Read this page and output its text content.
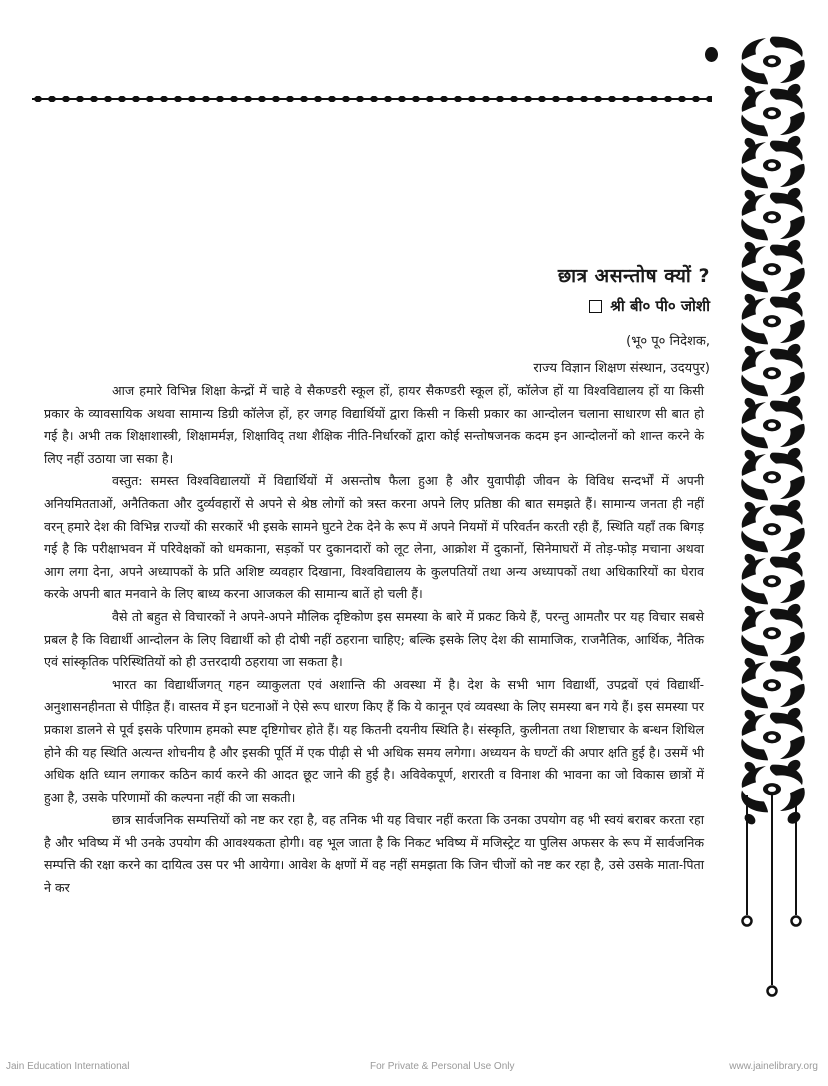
छात्र असन्तोष क्यों ?
श्री बी० पी० जोशी

(भू० पू० निदेशक,

राज्य विज्ञान शिक्षण संस्थान, उदयपुर)

आज हमारे विभिन्न शिक्षा केन्द्रों में चाहे वे सैकण्डरी स्कूल हों, हायर सैकण्डरी स्कूल हों, कॉलेज हों या विश्वविद्यालय हों या किसी प्रकार के व्यावसायिक अथवा सामान्य डिग्री कॉलेज हों, हर जगह विद्यार्थियों द्वारा किसी न किसी प्रकार का आन्दोलन चलाना साधारण सी बात हो गई है। अभी तक शिक्षाशास्त्री, शिक्षामर्मज्ञ, शिक्षाविद् तथा शैक्षिक नीति-निर्धारकों द्वारा कोई सन्तोषजनक कदम इन आन्दोलनों को शान्त करने के लिए नहीं उठाया जा सका है।

वस्तुत: समस्त विश्वविद्यालयों में विद्यार्थियों में असन्तोष फैला हुआ है और युवापीढ़ी जीवन के विविध सन्दर्भों में अपनी अनियमितताओं, अनैतिकता और दुर्व्यवहारों से अपने से श्रेष्ठ लोगों को त्रस्त करना अपने लिए प्रतिष्ठा की बात समझते हैं। सामान्य जनता ही नहीं वरन् हमारे देश की विभिन्न राज्यों की सरकारें भी इसके सामने घुटने टेक देने के रूप में अपने नियमों में परिवर्तन करती रही हैं, स्थिति यहाँ तक बिगड़ गई है कि परीक्षाभवन में परिवेक्षकों को धमकाना, सड़कों पर दुकानदारों को लूट लेना, आक्रोश में दुकानों, सिनेमाघरों में तोड़-फोड़ मचाना अथवा आग लगा देना, अपने अध्यापकों के प्रति अशिष्ट व्यवहार दिखाना, विश्वविद्यालय के कुलपतियों तथा अन्य अध्यापकों तथा अधिकारियों का घेराव करके अपनी बात मनवाने के लिए बाध्य करना आजकल की सामान्य बातें हो चली हैं।

वैसे तो बहुत से विचारकों ने अपने-अपने मौलिक दृष्टिकोण इस समस्या के बारे में प्रकट किये हैं, परन्तु आमतौर पर यह विचार सबसे प्रबल है कि विद्यार्थी आन्दोलन के लिए विद्यार्थी को ही दोषी नहीं ठहराना चाहिए; बल्कि इसके लिए देश की सामाजिक, राजनैतिक, आर्थिक, नैतिक एवं सांस्कृतिक परिस्थितियों को ही उत्तरदायी ठहराया जा सकता है।

भारत का विद्यार्थीजगत् गहन व्याकुलता एवं अशान्ति की अवस्था में है। देश के सभी भाग विद्यार्थी, उपद्रवों एवं विद्यार्थी-अनुशासनहीनता से पीड़ित हैं। वास्तव में इन घटनाओं ने ऐसे रूप धारण किए हैं कि ये कानून एवं व्यवस्था के लिए समस्या बन गये हैं। इस समस्या पर प्रकाश डालने से पूर्व इसके परिणाम हमको स्पष्ट दृष्टिगोचर होते हैं। यह कितनी दयनीय स्थिति है। संस्कृति, कुलीनता तथा शिष्टाचार के बन्धन शिथिल होने की यह स्थिति अत्यन्त शोचनीय है और इसकी पूर्ति में एक पीढ़ी से भी अधिक समय लगेगा। अध्ययन के घण्टों की अपार क्षति हुई है। उसमें भी अधिक क्षति ध्यान लगाकर कठिन कार्य करने की आदत छूट जाने की हुई है। अविवेकपूर्ण, शरारती व विनाश की भावना का जो विकास छात्रों में हुआ है, उसके परिणामों की कल्पना नहीं की जा सकती।

छात्र सार्वजनिक सम्पत्तियों को नष्ट कर रहा है, वह तनिक भी यह विचार नहीं करता कि उनका उपयोग वह भी स्वयं बराबर करता रहा है और भविष्य में भी उनके उपयोग की आवश्यकता होगी। वह भूल जाता है कि निकट भविष्य में मजिस्ट्रेट या पुलिस अफसर के रूप में सार्वजनिक सम्पत्ति की रक्षा करने का दायित्व उस पर भी आयेगा। आवेश के क्षणों में वह नहीं समझता कि जिन चीजों को नष्ट कर रहा है, उसे उसके माता-पिता ने कर

Jain Education International	For Private & Personal Use Only	www.jainelibrary.org
